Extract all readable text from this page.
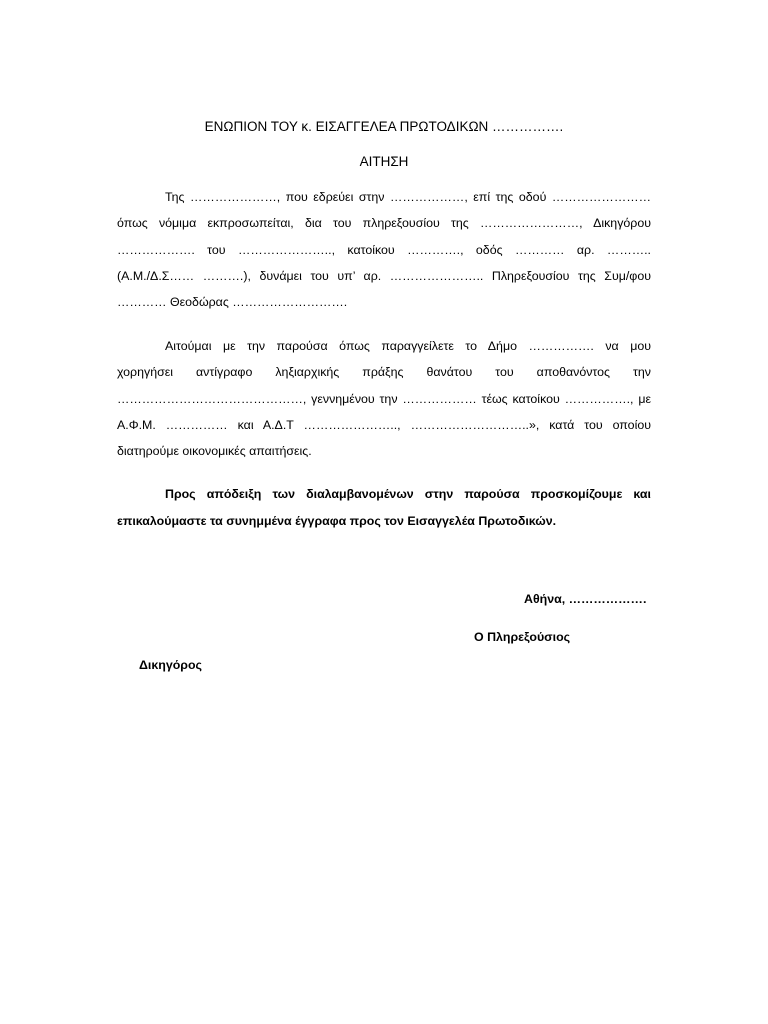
ΕΝΩΠΙΟΝ ΤΟΥ κ. ΕΙΣΑΓΓΕΛΕΑ ΠΡΩΤΟΔΙΚΩΝ …………….
ΑΙΤΗΣΗ
Της …………………, που εδρεύει στην ………………, επί της οδού ……………………
όπως νόμιμα εκπροσωπείται, δια του πληρεξουσίου της ……………………, Δικηγόρου
………………. του ………………….., κατοίκου …………., οδός ………… αρ. ………..
(Α.Μ./Δ.Σ…… ……….), δυνάμει του υπ’ αρ. ………………….. Πληρεξουσίου της Συμ/φου
………… Θεοδώρας ……………………….
Αιτούμαι με την παρούσα όπως παραγγείλετε το Δήμο ……………. να μου
χορηγήσει αντίγραφο ληξιαρχικής πράξης θανάτου του αποθανόντος την
………………………………………, γεννημένου την ……………… τέως κατοίκου ……………., με
Α.Φ.Μ. …………… και Α.Δ.Τ ………………….., ………………………..», κατά του οποίου
διατηρούμε οικονομικές απαιτήσεις.
Προς απόδειξη των διαλαμβανομένων στην παρούσα προσκομίζουμε και
επικαλούμαστε τα συνημμένα έγγραφα προς τον Εισαγγελέα Πρωτοδικών.
Αθήνα, ……………….
Ο Πληρεξούσιος
Δικηγόρος
